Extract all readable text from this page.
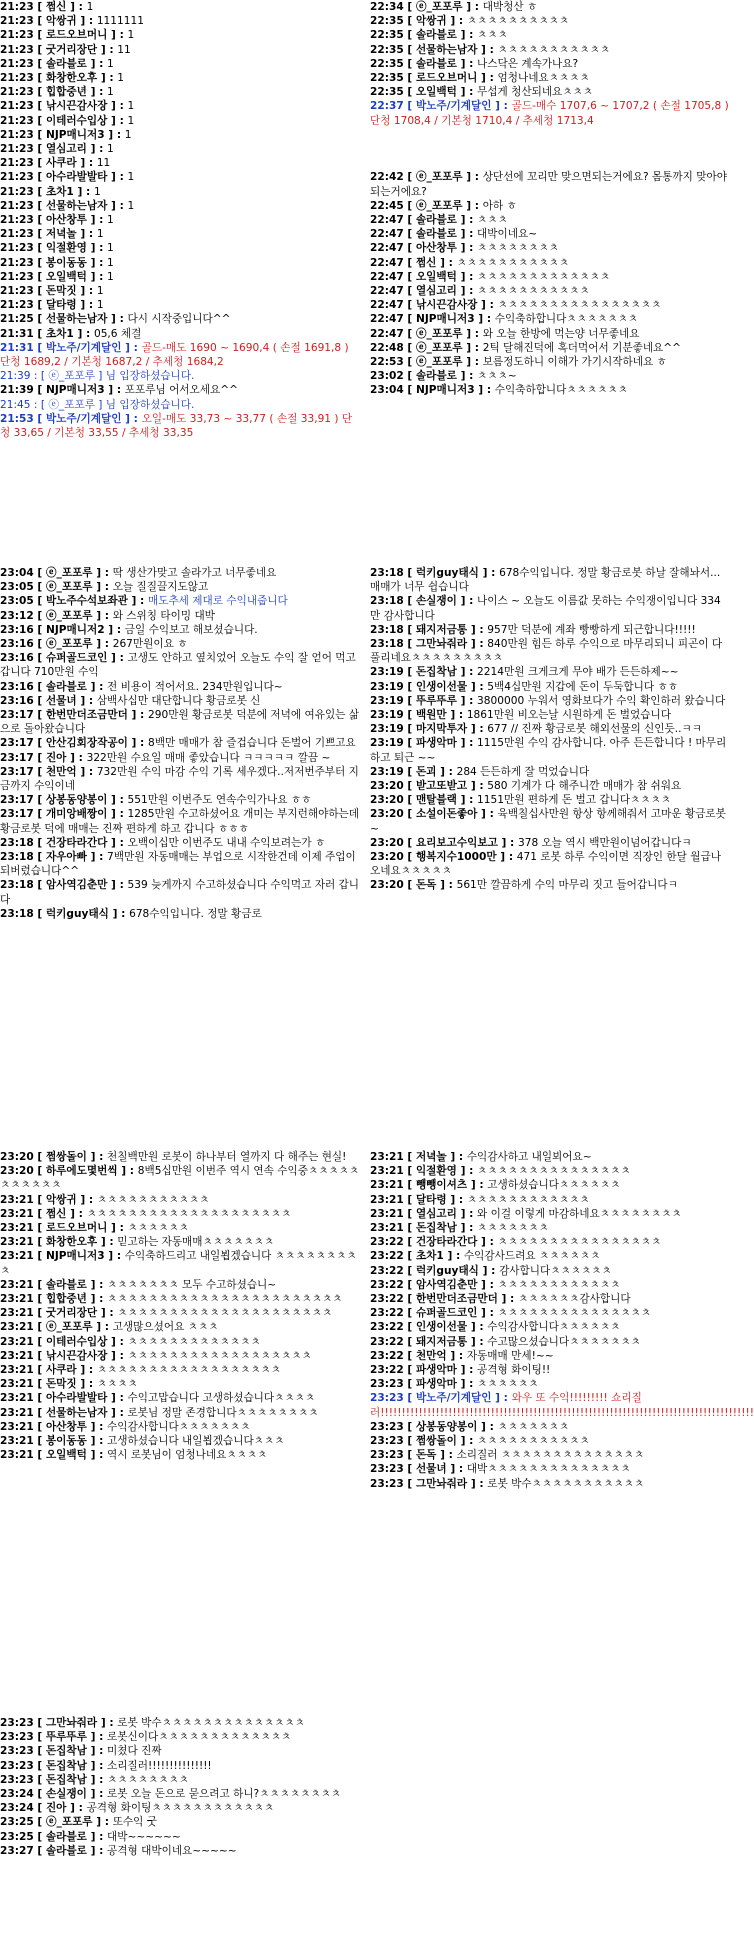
21:23 [ 쩜신 ] : 1
21:23 [ 악쌍귀 ] : 1111111
21:23 [ 로드오브머니 ] : 1
21:23 [ 굿거리장단 ] : 11
21:23 [ 솔라블로 ] : 1
21:23 [ 화창한오후 ] : 1
21:23 [ 힙합중년 ] : 1
21:23 [ 낚시끈감사장 ] : 1
21:23 [ 이테러수입상 ] : 1
21:23 [ NJP매니저3 ] : 1
21:23 [ 열심고리 ] : 1
21:23 [ 사쿠라 ] : 11
21:23 [ 아수라발발타 ] : 1
21:23 [ 초차1 ] : 1
21:23 [ 선물하는남자 ] : 1
21:23 [ 아산창투 ] : 1
21:23 [ 저녁놀 ] : 1
21:23 [ 익절환영 ] : 1
21:23 [ 봉이동동 ] : 1
21:23 [ 오일백턱 ] : 1
21:23 [ 돈막짓 ] : 1
21:23 [ 달타령 ] : 1
21:25 [ 선물하는남자 ] : 다시 시작중입니다^^
21:31 [ 초차1 ] : 05,6 체결
21:31 [ 박노주/기계달인 ] : 골드-매도 1690 ~ 1690,4 ( 손절 1691,8 ) 단청 1689,2 / 기본청 1687,2 / 추세청 1684,2
21:39 : [ ⓔ_포포루 ] 님 입장하셨습니다.
21:39 [ NJP매니저3 ] : 포포루님 어서오세요^^
21:45 : [ ⓔ_포포루 ] 님 입장하셨습니다.
21:53 [ 박노주/기계달인 ] : 오일-매도 33,73 ~ 33,77 ( 손절 33,91 ) 단청 33,65 / 기본청 33,55 / 추세청 33,35
22:34 [ ⓔ_포포루 ] : 대박청산 ㅎ
22:35 [ 악쌍귀 ] : ㅊㅊㅊㅊㅊㅊㅊㅊㅊㅊ
22:35 [ 솔라블로 ] : ㅊㅊㅊ
22:35 [ 선물하는남자 ] : ㅊㅊㅊㅊㅊㅊㅊㅊㅊㅊㅊ
22:35 [ 솔라블로 ] : 나스닥은 계속가나요?
22:35 [ 로드오브머니 ] : 엄청나네요ㅊㅊㅊㅊ
22:35 [ 오일백턱 ] : 무섭게 청산되네요ㅊㅊㅊ
22:37 [ 박노주/기계달인 ] : 골드-매수 1707,6 ~ 1707,2 ( 손절 1705,8 ) 단청 1708,4 / 기본청 1710,4 / 추세청 1713,4
22:42 [ ⓔ_포포루 ] : 상단선에 꼬리만 맞으면되는거에요? 몸통까지 맞아야되는거에요?
22:45 [ ⓔ_포포루 ] : 아하 ㅎ
22:47 [ 솔라블로 ] : ㅊㅊㅊ
22:47 [ 솔라블로 ] : 대박이네요~
22:47 [ 아산창투 ] : ㅊㅊㅊㅊㅊㅊㅊㅊ
22:47 [ 쩜신 ] : ㅊㅊㅊㅊㅊㅊㅊㅊㅊㅊㅊ
22:47 [ 오일백턱 ] : ㅊㅊㅊㅊㅊㅊㅊㅊㅊㅊㅊㅊㅊ
22:47 [ 열심고리 ] : ㅊㅊㅊㅊㅊㅊㅊㅊㅊㅊㅊ
22:47 [ 낚시끈감사장 ] : ㅊㅊㅊㅊㅊㅊㅊㅊㅊㅊㅊㅊㅊㅊㅊㅊ
22:47 [ NJP매니저3 ] : 수익축하합니다ㅊㅊㅊㅊㅊㅊㅊ
22:47 [ ⓔ_포포루 ] : 와 오늘 한방에 먹는양 너무좋네요
22:48 [ ⓔ_포포루 ] : 2틱 달해진덕에 혹더먹어서 기분좋네요^^
22:53 [ ⓔ_포포루 ] : 보름정도하니 이해가 가기시작하네요 ㅎ
23:02 [ 솔라블로 ] : ㅊㅊㅊ~
23:04 [ NJP매니저3 ] : 수익축하합니다ㅊㅊㅊㅊㅊㅊ
23:04 [ ⓔ_포포루 ] : 딱 생산가맞고 솔라가고 너무좋네요
23:05 [ ⓔ_포포루 ] : 오늘 질질끌지도않고
23:05 [ 박노주수석보좌관 ] : 매도추세 제대로 수익내줍니다
23:12 [ ⓔ_포포루 ] : 와 스위칭 타이밍 대박
23:16 [ NJP매니저2 ] : 금일 수익보고 해보셨습니다.
23:16 [ ⓔ_포포루 ] : 267만원이요 ㅎ
23:16 [ 슈퍼골드코인 ] : 고생도 안하고 옆치었어 오늘도 수익 잘 얻어 먹고 갑니다 710만원 수익
23:16 [ 솔라블로 ] : 전 비용이 적어서요. 234만원입니다~
23:16 [ 선물녀 ] : 삼백사십만 대단합니다 황금로봇 신
23:17 [ 한번만더조금만더 ] : 290만원 황금로봇 덕분에 저녁에 여유있는 삶으로 돌아왔습니다
23:17 [ 안산김회장작공이 ] : 8백만 매매가 참 즐겁습니다 돈벌어 기쁘고요
23:17 [ 진아 ] : 322만원 수요일 매매 좋았습니다 ㅋㅋㅋㅋㅋ 깔끔 ~
23:17 [ 천만억 ] : 732만원 수익 마감 수익 기록 세우겠다..저저번주부터 지금까지 수익이네
23:17 [ 상봉동양봉이 ] : 551만원 이번주도 연속수익가나요 ㅎㅎ
23:17 [ 개미앙배짱이 ] : 1285만원 수고하셨어요 개미는 부지런해야하는데 황금로봇 덕에 매매는 진짜 편하게 하고 갑니다 ㅎㅎㅎ
23:18 [ 건장타라간다 ] : 오백이십만 이번주도 내내 수익보려는가 ㅎ
23:18 [ 자우아빠 ] : 7백만원 자동매매는 부업으로 시작한건데 이제 주업이 되버렸습니다^^
23:18 [ 암사역김춘만 ] : 539 늦게까지 수고하셨습니다 수익먹고 자러 갑니다
23:18 [ 럭키guy태식 ] : 678수익입니다. 정말 황금로
23:18 [ 럭키guy태식 ] : 678수익입니다. 정말 황금로봇 하날 잘해놔서...매매가 너무 쉽습니다
23:18 [ 손실쟁이 ] : 나이스 ~ 오늘도 이름값 못하는 수익쟁이입니다 334만 감사합니다
23:18 [ 돼지저금통 ] : 957만 덕분에 계좌 빵빵하게 되근합니다!!!!!
23:18 [ 그만놔줘라 ] : 840만원 힘든 하루 수익으로 마무리되니 피곤이 다 풀리네요ㅊㅊㅊㅊㅊㅊㅊㅊㅊ
23:19 [ 돈집착남 ] : 2214만원 크게크게 무야 배가 든든하제~~
23:19 [ 인생이선물 ] : 5백4십만원 지갑에 돈이 두둑합니다 ㅎㅎ
23:19 [ 뚜루뚜루 ] : 3800000 누워서 영화보다가 수익 확인하러 왔습니다
23:19 [ 백원만 ] : 1861만원 비오는날 시원하게 돈 벌었습니다
23:19 [ 마지막투자 ] : 677 // 진짜 황금로봇 해외선물의 신인듯..ㅋㅋ
23:19 [ 파생악마 ] : 1115만원 수익 감사합니다. 아주 든든합니다 ! 마무리 하고 퇴근 ~~
23:19 [ 돈괴 ] : 284 든든하게 잘 먹었습니다
23:20 [ 받고또받고 ] : 580 기계가 다 해주니깐 매매가 참 쉬워요
23:20 [ 맨탈블랙 ] : 1151만원 편하게 돈 벌고 갑니다ㅊㅊㅊㅊ
23:20 [ 소설이돈좋아 ] : 육백칠십사만원 항상 항께해줘서 고마운 황금로봇~
23:20 [ 요리보고수익보고 ] : 378 오늘 역시 백만원이넘어갑니다ㅋ
23:20 [ 행복지수1000만 ] : 471 로봇 하루 수익이면 직장인 한달 월급나오네요ㅊㅊㅊㅊㅊ
23:20 [ 돈독 ] : 561만 깔끔하게 수익 마무리 짓고 들어갑니다ㅋ
23:20 [ 쩜쌍돌이 ] : 천칠백만원 로봇이 하나부터 열까지 다 해주는 현실!
23:20 [ 하루에도몇번씩 ] : 8백5십만원 이번주 역시 연속 수익중ㅊㅊㅊㅊㅊㅊㅊㅊㅊㅊㅊ
23:21 [ 악쌍귀 ] : ㅊㅊㅊㅊㅊㅊㅊㅊㅊㅊㅊ
23:21 [ 쩜신 ] : ㅊㅊㅊㅊㅊㅊㅊㅊㅊㅊㅊㅊㅊㅊㅊㅊㅊㅊㅊㅊ
23:21 [ 로드오브머니 ] : ㅊㅊㅊㅊㅊㅊ
23:21 [ 화창한오후 ] : 믿고하는 자동매매ㅊㅊㅊㅊㅊㅊㅊ
23:21 [ NJP매니저3 ] : 수익축하드리고 내일뵙겠습니다 ㅊㅊㅊㅊㅊㅊㅊㅊㅊ
23:21 [ 솔라블로 ] : ㅊㅊㅊㅊㅊㅊㅊ 모두 수고하셨습니~
23:21 [ 힙합중년 ] : ㅊㅊㅊㅊㅊㅊㅊㅊㅊㅊㅊㅊㅊㅊㅊㅊㅊㅊㅊㅊㅊㅊㅊ
23:21 [ 굿거리장단 ] : ㅊㅊㅊㅊㅊㅊㅊㅊㅊㅊㅊㅊㅊㅊㅊㅊㅊㅊㅊㅊㅊ
23:21 [ ⓔ_포포루 ] : 고생많으셨어요 ㅊㅊㅊ
23:21 [ 이테러수입상 ] : ㅊㅊㅊㅊㅊㅊㅊㅊㅊㅊㅊㅊㅊ
23:21 [ 낚시끈감사장 ] : ㅊㅊㅊㅊㅊㅊㅊㅊㅊㅊㅊㅊㅊㅊㅊㅊㅊㅊ
23:21 [ 사쿠라 ] : ㅊㅊㅊㅊㅊㅊㅊㅊㅊㅊㅊㅊㅊㅊㅊㅊㅊㅊ
23:21 [ 돈막짓 ] : ㅊㅊㅊㅊ
23:21 [ 아수라발발타 ] : 수익고맙습니다 고생하셨습니다ㅊㅊㅊㅊ
23:21 [ 선물하는남자 ] : 로봇님 정말 존경합니다ㅊㅊㅊㅊㅊㅊㅊㅊ
23:21 [ 아산창투 ] : 수익감사합니다ㅊㅊㅊㅊㅊㅊㅊ
23:21 [ 봉이동동 ] : 고생하셨습니다 내일뵙겠습니다ㅊㅊㅊ
23:21 [ 오일백턱 ] : 역시 로봇님이 엄청나네요ㅊㅊㅊㅊ
23:21 [ 저녁놀 ] : 수익감사하고 내일뵈어요~
23:21 [ 익절환영 ] : ㅊㅊㅊㅊㅊㅊㅊㅊㅊㅊㅊㅊㅊㅊㅊ
23:21 [ 뺑뺑이셔츠 ] : 고생하셨습니다ㅊㅊㅊㅊㅊㅊ
23:21 [ 달타령 ] : ㅊㅊㅊㅊㅊㅊㅊㅊㅊㅊㅊㅊ
23:21 [ 열심고리 ] : 와 이걸 이렇게 마감하네요ㅊㅊㅊㅊㅊㅊㅊㅊ
23:21 [ 돈집착남 ] : ㅊㅊㅊㅊㅊㅊㅊ
23:22 [ 건장타라간다 ] : ㅊㅊㅊㅊㅊㅊㅊㅊㅊㅊㅊㅊㅊㅊㅊㅊ
23:22 [ 초차1 ] : 수익감사드려요 ㅊㅊㅊㅊㅊㅊ
23:22 [ 럭키guy태식 ] : 감사합니다ㅊㅊㅊㅊㅊㅊ
23:22 [ 암사역김춘만 ] : ㅊㅊㅊㅊㅊㅊㅊㅊㅊㅊㅊㅊ
23:22 [ 한번만더조금만더 ] : ㅊㅊㅊㅊㅊㅊ감사합니다
23:22 [ 슈퍼골드코인 ] : ㅊㅊㅊㅊㅊㅊㅊㅊㅊㅊㅊㅊㅊㅊㅊ
23:22 [ 인생이선물 ] : 수익감사합니다ㅊㅊㅊㅊㅊㅊ
23:22 [ 돼지저금통 ] : 수고많으셨습니다ㅊㅊㅊㅊㅊㅊㅊ
23:22 [ 천만억 ] : 자동매매 만세!~~
23:22 [ 파생악마 ] : 공격형 화이팅!!
23:23 [ 파생악마 ] : ㅊㅊㅊㅊㅊㅊ
23:23 [ 박노주/기계달인 ] : 와우 또 수익!!!!!!!!! 쇼리질러!!!!!!!!!!!!!!!!!!!!!!!!!!!!!!!!!!!!!!!!!!!!!!!!!!!!!!!!!!!!!!!!!!!!!!!!!!!!!!!!!!!!!!!!
23:23 [ 상봉동양봉이 ] : ㅊㅊㅊㅊㅊㅊㅊ
23:23 [ 쩜쌍돌이 ] : ㅊㅊㅊㅊㅊㅊㅊㅊㅊㅊㅊ
23:23 [ 돈독 ] : 소리질러 ㅊㅊㅊㅊㅊㅊㅊㅊㅊㅊㅊㅊㅊㅊ
23:23 [ 선물녀 ] : 대박ㅊㅊㅊㅊㅊㅊㅊㅊㅊㅊㅊㅊㅊㅊ
23:23 [ 그만놔줘라 ] : 로봇 박수ㅊㅊㅊㅊㅊㅊㅊㅊㅊㅊㅊ
23:23 [ 그만놔줘라 ] : 로봇 박수ㅊㅊㅊㅊㅊㅊㅊㅊㅊㅊㅊㅊㅊㅊ
23:23 [ 뚜루뚜루 ] : 로봇신이다ㅊㅊㅊㅊㅊㅊㅊㅊㅊㅊㅊㅊㅊ
23:23 [ 돈집착남 ] : 미쳤다 진짜
23:23 [ 돈집착남 ] : 소리질러!!!!!!!!!!!!!!!
23:23 [ 돈집착남 ] : ㅊㅊㅊㅊㅊㅊㅊㅊ
23:24 [ 손실쟁이 ] : 로봇 오늘 돈으로 묻으려고 하니?ㅊㅊㅊㅊㅊㅊㅊㅊ
23:24 [ 진아 ] : 공격형 화이팅ㅊㅊㅊㅊㅊㅊㅊㅊㅊㅊㅊㅊ
23:25 [ ⓔ_포포루 ] : 또수익 굿
23:25 [ 솔라블로 ] : 대박~~~~~~
23:27 [ 솔라블로 ] : 공격형 대박이네요~~~~~
